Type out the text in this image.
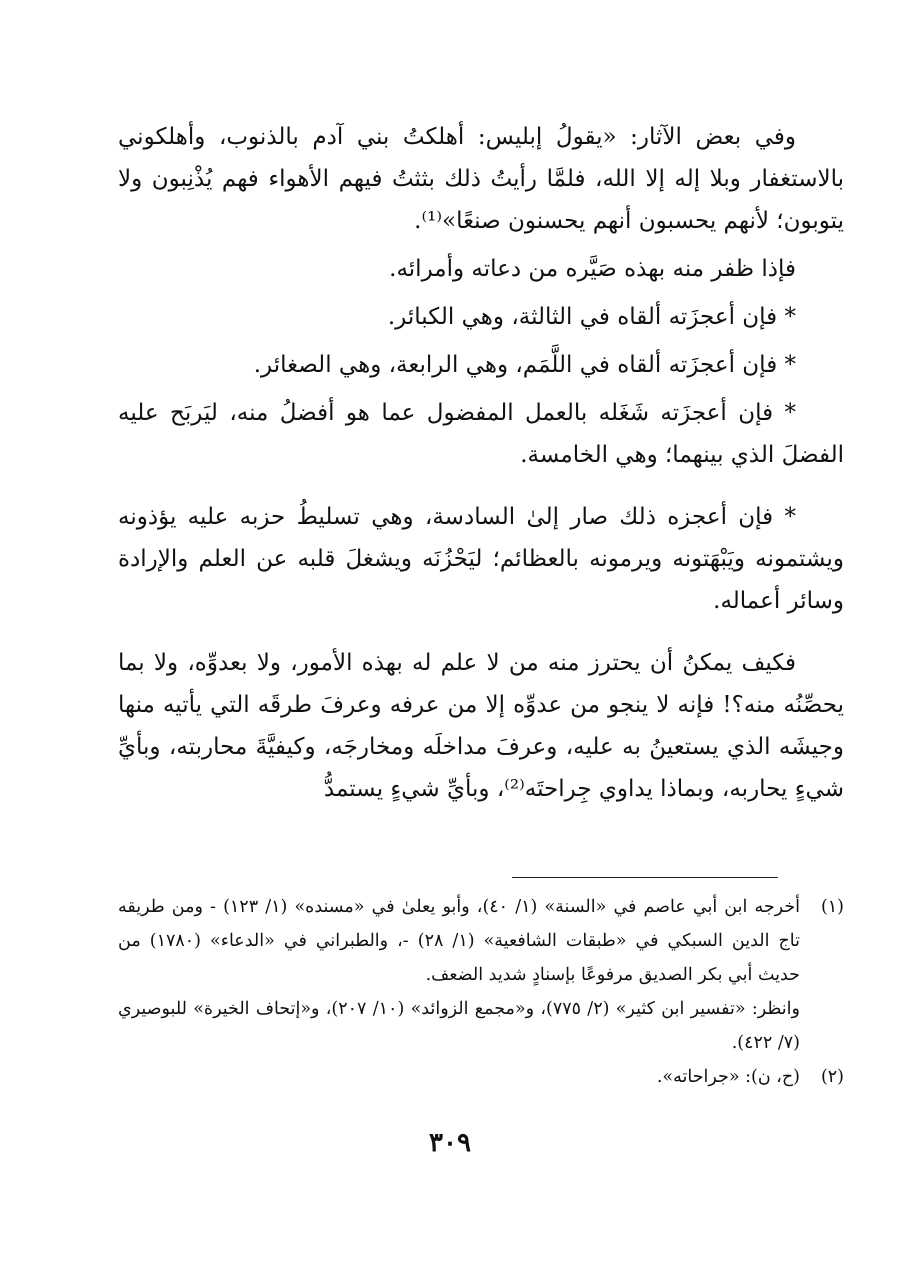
وفي بعض الآثار: «يقولُ إبليس: أهلكتُ بني آدم بالذنوب، وأهلكوني بالاستغفار وبلا إله إلا الله، فلمَّا رأيتُ ذلك بثثتُ فيهم الأهواء فهم يُذْنِبون ولا يتوبون؛ لأنهم يحسبون أنهم يحسنون صنعًا»⁽¹⁾.

فإذا ظفر منه بهذه صَيَّره من دعاته وأمرائه.

* فإن أعجزَته ألقاه في الثالثة، وهي الكبائر.

* فإن أعجزَته ألقاه في اللَّمَم، وهي الرابعة، وهي الصغائر.

* فإن أعجزَته شَغَله بالعمل المفضول عما هو أفضلُ منه، ليَربَح عليه الفضلَ الذي بينهما؛ وهي الخامسة.

* فإن أعجزه ذلك صار إلىٰ السادسة، وهي تسليطُ حزبه عليه يؤذونه ويشتمونه ويَبْهَتونه ويرمونه بالعظائم؛ ليَحْزُنَه ويشغلَ قلبه عن العلم والإرادة وسائر أعماله.

فكيف يمكنُ أن يحترز منه من لا علم له بهذه الأمور، ولا بعدوِّه، ولا بما يحصِّنُه منه؟! فإنه لا ينجو من عدوِّه إلا من عرفه وعرفَ طرقَه التي يأتيه منها وجيشَه الذي يستعينُ به عليه، وعرفَ مداخلَه ومخارجَه، وكيفيَّةَ محاربته، وبأيِّ شيءٍ يحاربه، وبماذا يداوي جِراحتَه⁽²⁾، وبأيِّ شيءٍ يستمدُّ

(١)

أخرجه ابن أبي عاصم في «السنة» (١/ ٤٠)، وأبو يعلىٰ في «مسنده» (١/ ١٢٣) - ومن طريقه تاج الدين السبكي في «طبقات الشافعية» (١/ ٢٨) -، والطبراني في «الدعاء» (١٧٨٠) من حديث أبي بكر الصديق مرفوعًا بإسنادٍ شديد الضعف.

وانظر: «تفسير ابن كثير» (٢/ ٧٧٥)، و«مجمع الزوائد» (١٠/ ٢٠٧)، و«إتحاف الخيرة» للبوصيري (٧/ ٤٢٢).

(٢)

(ح، ن): «جراحاته».

٣٠٩
